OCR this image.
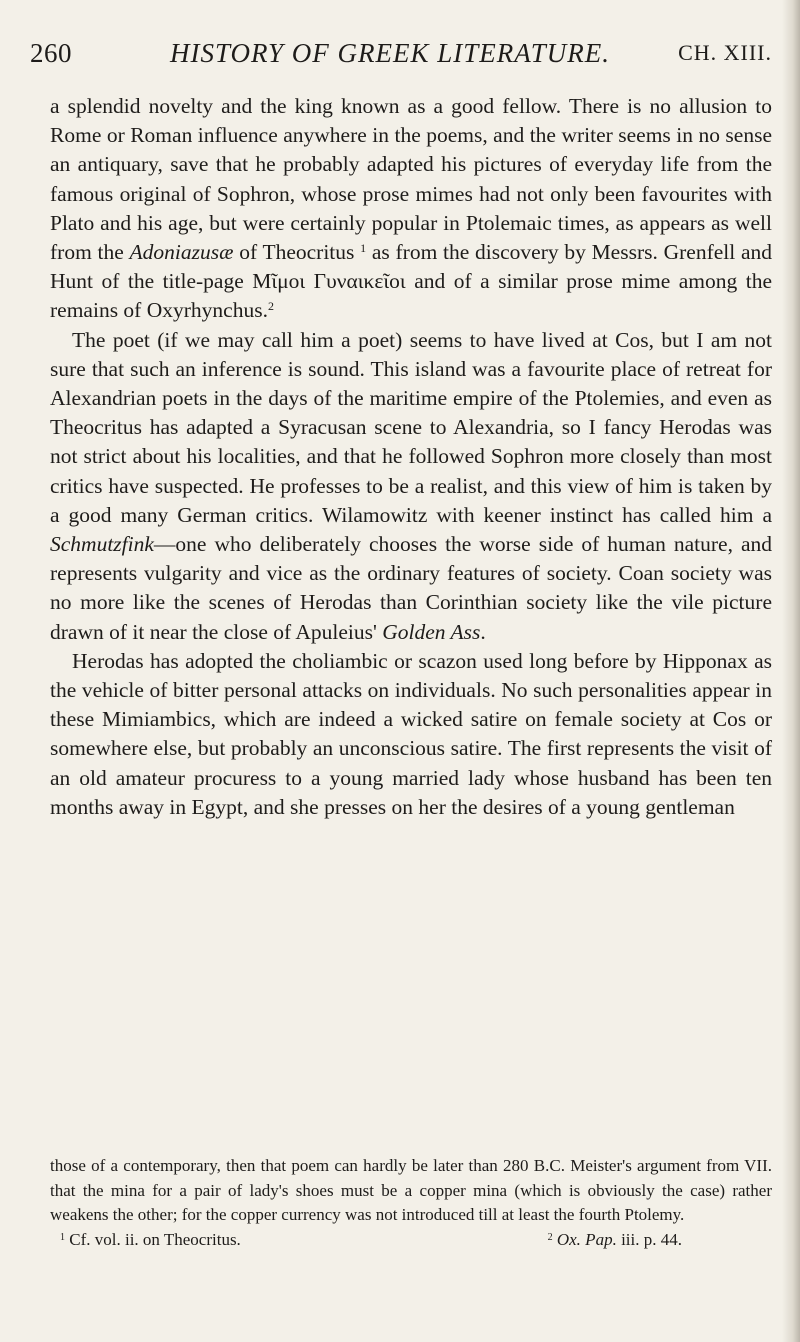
260	HISTORY OF GREEK LITERATURE.	CH. XIII.

a splendid novelty and the king known as a good fellow. There is no allusion to Rome or Roman influence anywhere in the poems, and the writer seems in no sense an antiquary, save that he probably adapted his pictures of everyday life from the famous original of Sophron, whose prose mimes had not only been favourites with Plato and his age, but were certainly popular in Ptolemaic times, as appears as well from the Adoniazusæ of Theocritus $^1$ as from the discovery by Messrs. Grenfell and Hunt of the title-page Μῖμοι Γυναικεῖοι and of a similar prose mime among the remains of Oxyrhynchus.$^2$

The poet (if we may call him a poet) seems to have lived at Cos, but I am not sure that such an inference is sound. This island was a favourite place of retreat for Alexandrian poets in the days of the maritime empire of the Ptolemies, and even as Theocritus has adapted a Syracusan scene to Alexandria, so I fancy Herodas was not strict about his localities, and that he followed Sophron more closely than most critics have suspected. He professes to be a realist, and this view of him is taken by a good many German critics. Wilamowitz with keener instinct has called him a Schmutzfink—one who deliberately chooses the worse side of human nature, and represents vulgarity and vice as the ordinary features of society. Coan society was no more like the scenes of Herodas than Corinthian society like the vile picture drawn of it near the close of Apuleius' Golden Ass.

Herodas has adopted the choliambic or scazon used long before by Hipponax as the vehicle of bitter personal attacks on individuals. No such personalities appear in these Mimiambics, which are indeed a wicked satire on female society at Cos or somewhere else, but probably an unconscious satire. The first represents the visit of an old amateur procuress to a young married lady whose husband has been ten months away in Egypt, and she presses on her the desires of a young gentleman

those of a contemporary, then that poem can hardly be later than 280 B.C. Meister's argument from VII. that the mina for a pair of lady's shoes must be a copper mina (which is obviously the case) rather weakens the other; for the copper currency was not introduced till at least the fourth Ptolemy.

$^1$ Cf. vol. ii. on Theocritus.	$^2$ Ox. Pap. iii. p. 44.
